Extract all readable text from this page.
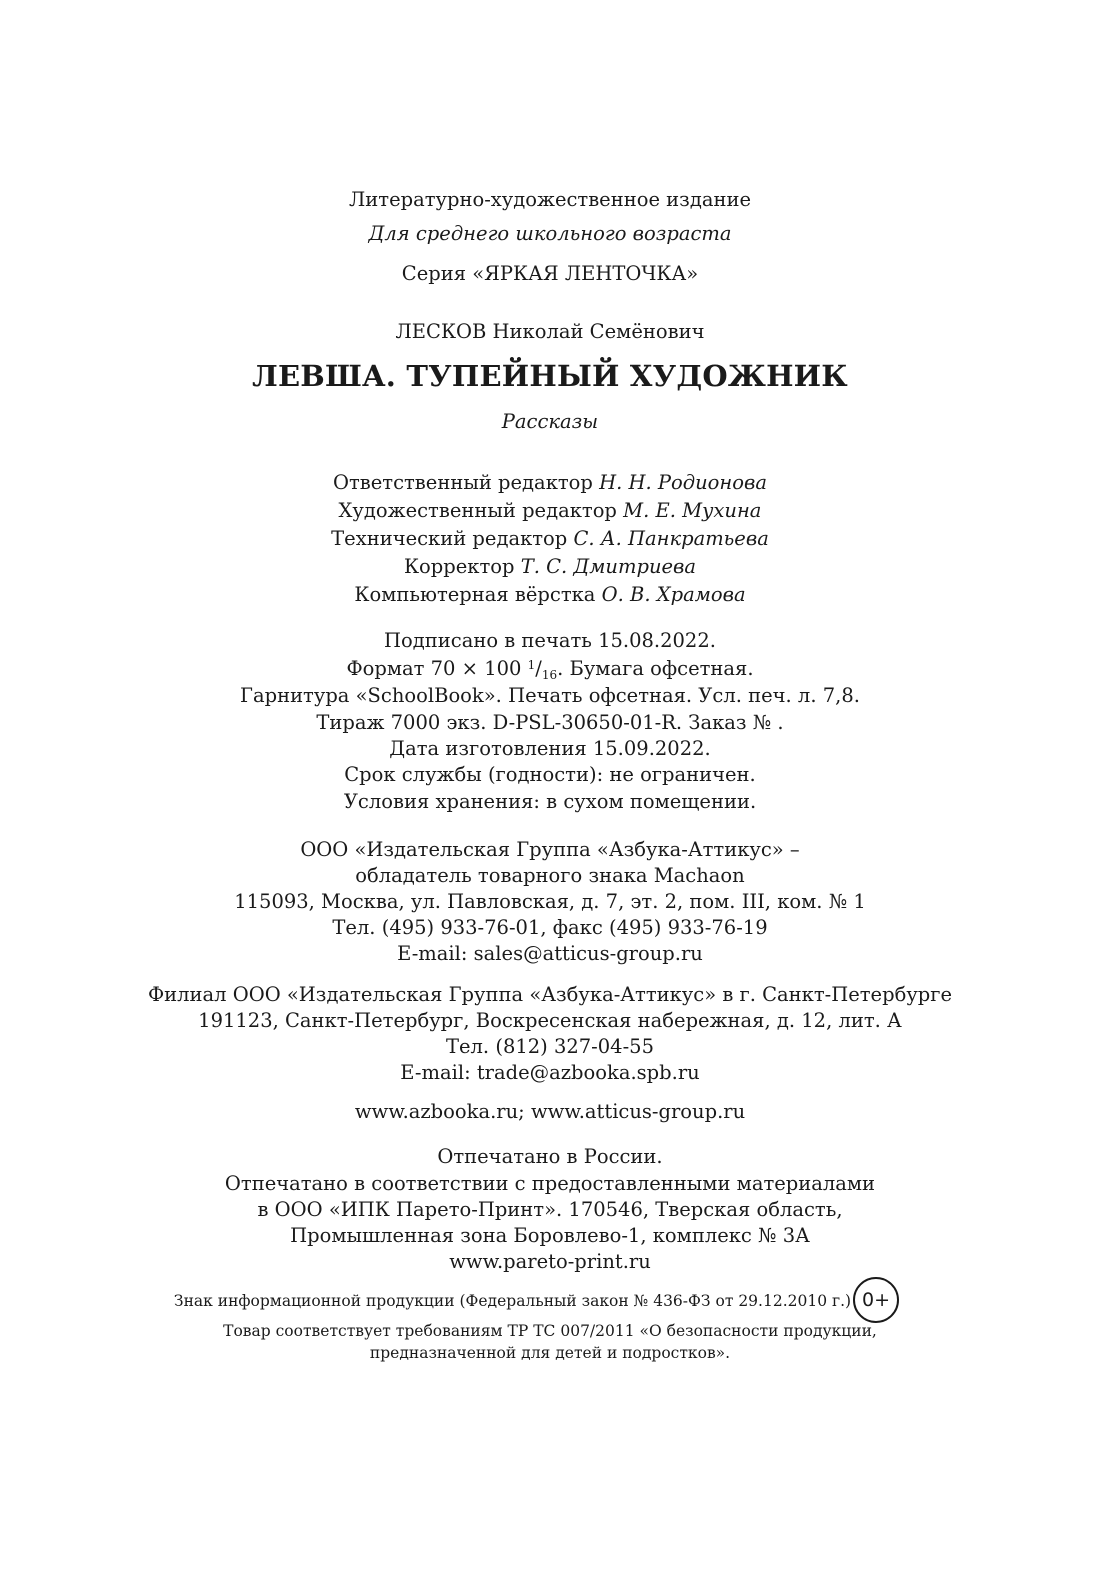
Литературно-художественное издание
Для среднего школьного возраста
Серия «ЯРКАЯ ЛЕНТОЧКА»
ЛЕСКОВ Николай Семёнович
ЛЕВША. ТУПЕЙНЫЙ ХУДОЖНИК
Рассказы
Ответственный редактор Н. Н. Родионова
Художественный редактор М. Е. Мухина
Технический редактор С. А. Панкратьева
Корректор Т. С. Дмитриева
Компьютерная вёрстка О. В. Храмова
Подписано в печать 15.08.2022.
Формат 70 × 100 $^1/_{16}$. Бумага офсетная.
Гарнитура «SchoolBook». Печать офсетная. Усл. печ. л. 7,8.
Тираж 7000 экз. D-PSL-30650-01-R. Заказ № .
Дата изготовления 15.09.2022.
Срок службы (годности): не ограничен.
Условия хранения: в сухом помещении.
ООО «Издательская Группа «Азбука-Аттикус» –
обладатель товарного знака Machaon
115093, Москва, ул. Павловская, д. 7, эт. 2, пом. III, ком. № 1
Тел. (495) 933-76-01, факс (495) 933-76-19
E-mail: sales@atticus-group.ru
Филиал ООО «Издательская Группа «Азбука-Аттикус» в г. Санкт-Петербурге
191123, Санкт-Петербург, Воскресенская набережная, д. 12, лит. А
Тел. (812) 327-04-55
E-mail: trade@azbooka.spb.ru
www.azbooka.ru; www.atticus-group.ru
Отпечатано в России.
Отпечатано в соответствии с предоставленными материалами
в ООО «ИПК Парето-Принт». 170546, Тверская область,
Промышленная зона Боровлево-1, комплекс № 3А
www.pareto-print.ru
Знак информационной продукции (Федеральный закон № 436-ФЗ от 29.12.2010 г.) 0+
Товар соответствует требованиям ТР ТС 007/2011 «О безопасности продукции,
предназначенной для детей и подростков».
